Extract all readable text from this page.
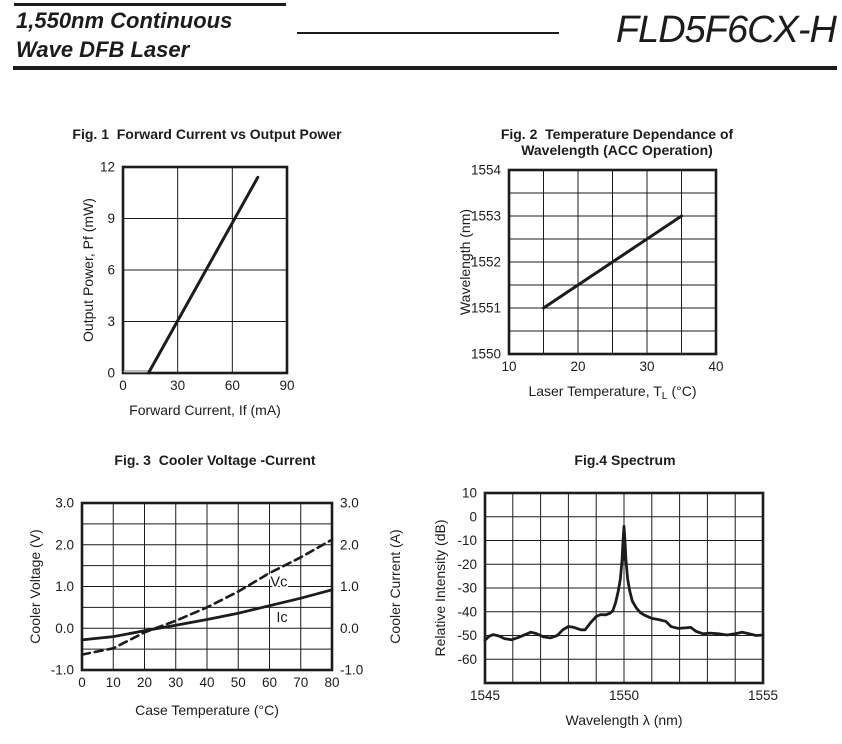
1,550nm Continuous
Wave DFB Laser	FLD5F6CX-H
Fig. 1  Forward Current vs Output Power
0	30	60	90
0
3
6
9
12
Forward Current, If (mA)
Output Power, Pf (mW)
Fig. 2  Temperature Dependance of
Wavelength (ACC Operation)
10	20	30	40
1550
1551
1552
1553
1554
Laser Temperature, $T_L$ (°C)
Wavelength (nm)
Fig. 3  Cooler Voltage -Current
0 10 20 30 40 50 60 70 80
3.0
2.0
1.0
0.0
-1.0
3.0
2.0
1.0
0.0
-1.0
Case Temperature (°C)
Cooler Voltage (V)	Cooler Current (A)
Vc
Ic
Fig.4 Spectrum
1545	1550	1555
10
0
-10
-20
-30
-40
-50
-60
Wavelength λ (nm)
Relative Intensity (dB)
